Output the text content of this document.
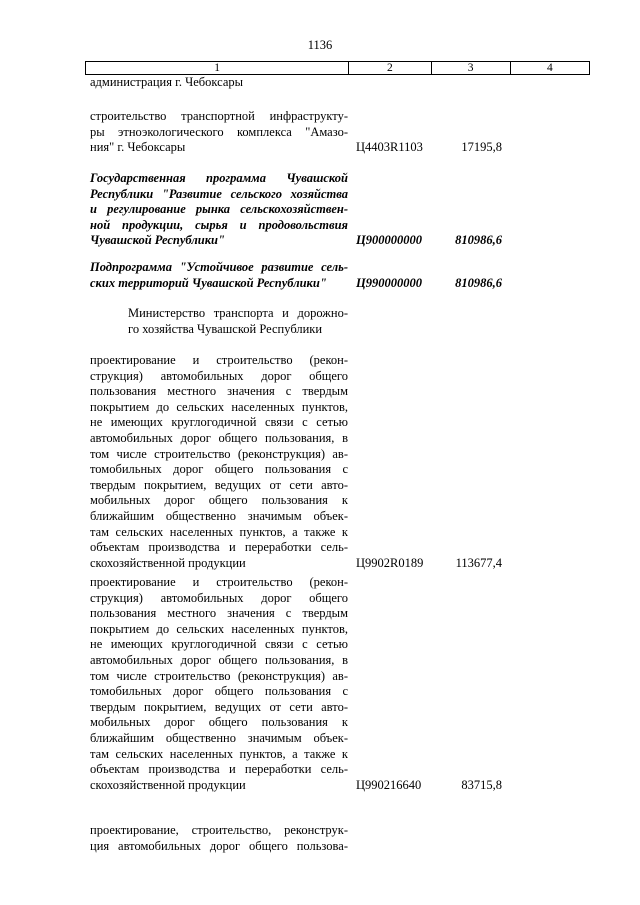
1136
1	2	3	4
администрация г. Чебоксары
строительство транспортной инфраструкту-
ры этноэкологического комплекса "Амазо-
ния" г. Чебоксары	Ц4403R1103	17195,8
Государственная программа Чувашской
Республики "Развитие сельского хозяйства
и регулирование рынка сельскохозяйствен-
ной продукции, сырья и продовольствия
Чувашской Республики"	Ц900000000	810986,6
Подпрограмма "Устойчивое развитие сель-
ских территорий Чувашской Республики"	Ц990000000	810986,6
Министерство транспорта и дорожно-
го хозяйства Чувашской Республики
проектирование и строительство (рекон-
струкция) автомобильных дорог общего
пользования местного значения с твердым
покрытием до сельских населенных пунктов,
не имеющих круглогодичной связи с сетью
автомобильных дорог общего пользования, в
том числе строительство (реконструкция) ав-
томобильных дорог общего пользования с
твердым покрытием, ведущих от сети авто-
мобильных дорог общего пользования к
ближайшим общественно значимым объек-
там сельских населенных пунктов, а также к
объектам производства и переработки сель-
скохозяйственной продукции	Ц9902R0189	113677,4
проектирование и строительство (рекон-
струкция) автомобильных дорог общего
пользования местного значения с твердым
покрытием до сельских населенных пунктов,
не имеющих круглогодичной связи с сетью
автомобильных дорог общего пользования, в
том числе строительство (реконструкция) ав-
томобильных дорог общего пользования с
твердым покрытием, ведущих от сети авто-
мобильных дорог общего пользования к
ближайшим общественно значимым объек-
там сельских населенных пунктов, а также к
объектам производства и переработки сель-
скохозяйственной продукции	Ц990216640	83715,8
проектирование, строительство, реконструк-
ция автомобильных дорог общего пользова-
